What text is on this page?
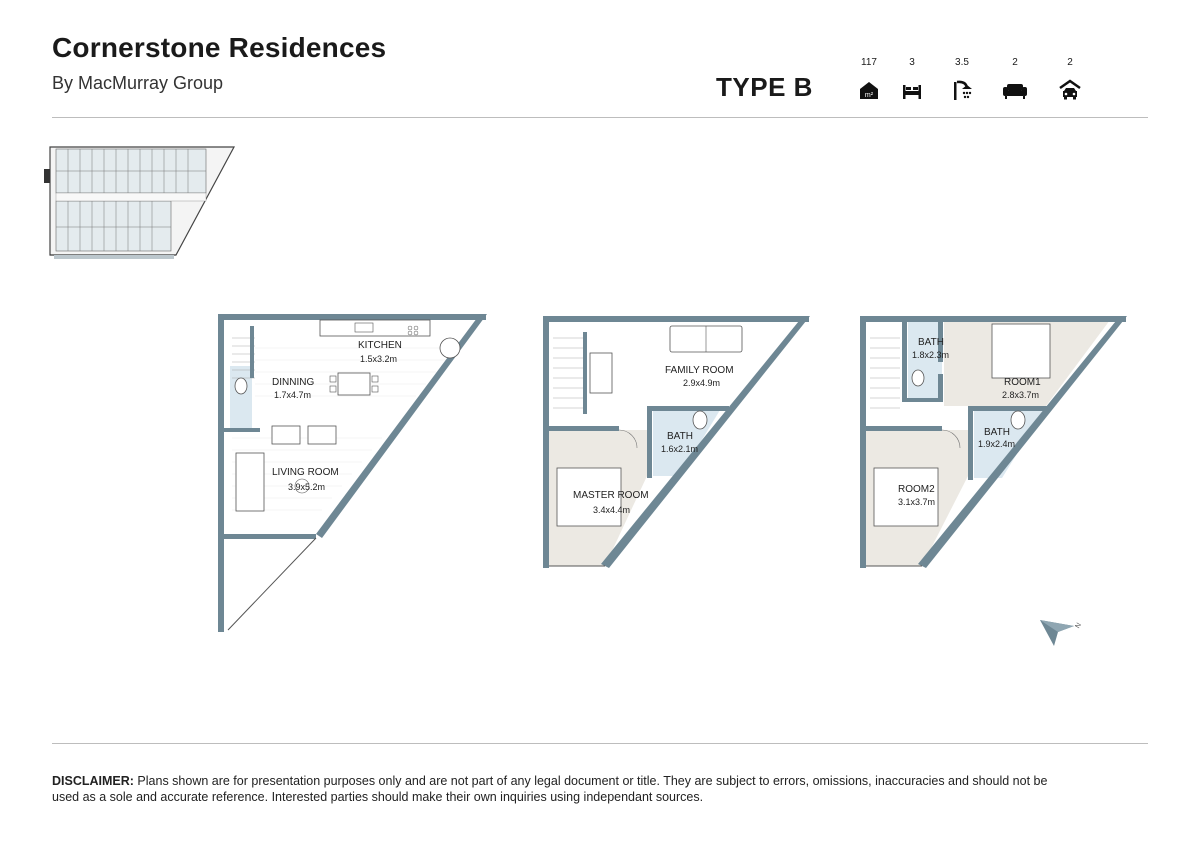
Cornerstone Residences
By MacMurray Group	TYPE B
117
m²
3	3.5	2	2
KITCHEN
1.5x3.2m
DINNING
1.7x4.7m
LIVING ROOM
3.9x5.2m
FAMILY ROOM
2.9x4.9m
BATH
1.6x2.1m
MASTER ROOM
3.4x4.4m
BATH
1.8x2.3m
ROOM1
2.8x3.7m
BATH
1.9x2.4m
ROOM2
3.1x3.7m
N
DISCLAIMER: Plans shown are for presentation purposes only and are not part of any legal document or title. They are subject to errors, omissions, inaccuracies and should not be used as a sole and accurate reference. Interested parties should make their own inquiries using independant sources.
